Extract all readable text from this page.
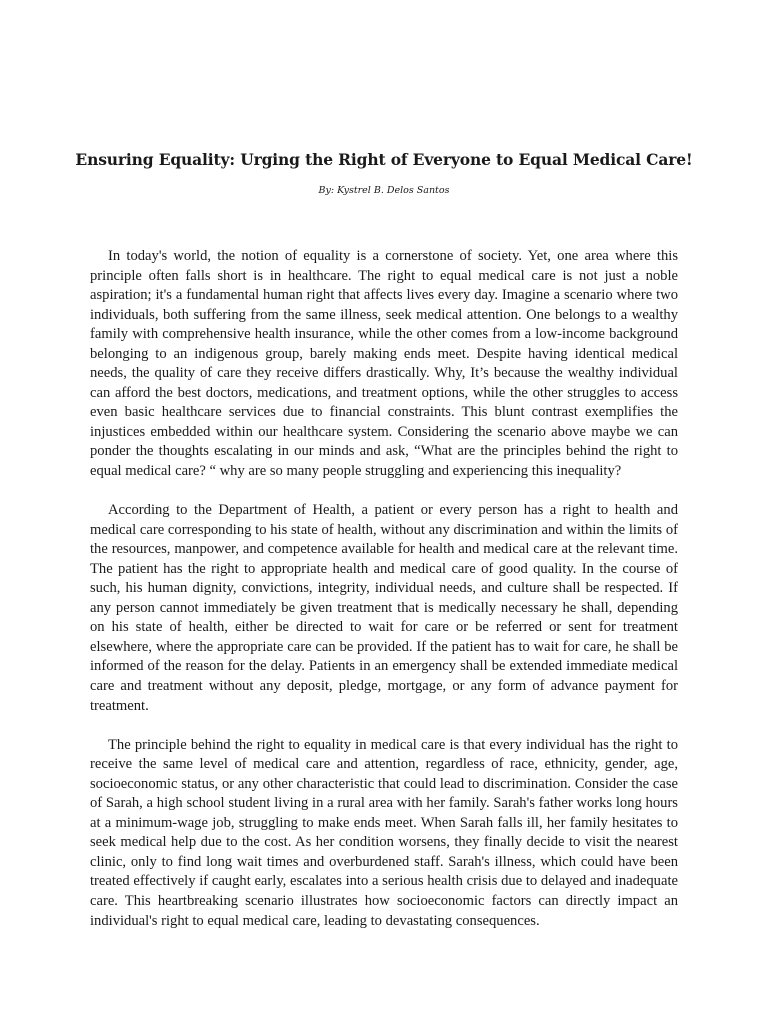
Ensuring Equality: Urging the Right of Everyone to Equal Medical Care!
By: Kystrel B. Delos Santos

In today's world, the notion of equality is a cornerstone of society. Yet, one area where this principle often falls short is in healthcare. The right to equal medical care is not just a noble aspiration; it's a fundamental human right that affects lives every day. Imagine a scenario where two individuals, both suffering from the same illness, seek medical attention. One belongs to a wealthy family with comprehensive health insurance, while the other comes from a low-income background belonging to an indigenous group, barely making ends meet. Despite having identical medical needs, the quality of care they receive differs drastically. Why, It’s because the wealthy individual can afford the best doctors, medications, and treatment options, while the other struggles to access even basic healthcare services due to financial constraints. This blunt contrast exemplifies the injustices embedded within our healthcare system. Considering the scenario above maybe we can ponder the thoughts escalating in our minds and ask, “What are the principles behind the right to equal medical care? “ why are so many people struggling and experiencing this inequality?

According to the Department of Health, a patient or every person has a right to health and medical care corresponding to his state of health, without any discrimination and within the limits of the resources, manpower, and competence available for health and medical care at the relevant time. The patient has the right to appropriate health and medical care of good quality. In the course of such, his human dignity, convictions, integrity, individual needs, and culture shall be respected. If any person cannot immediately be given treatment that is medically necessary he shall, depending on his state of health, either be directed to wait for care or be referred or sent for treatment elsewhere, where the appropriate care can be provided. If the patient has to wait for care, he shall be informed of the reason for the delay. Patients in an emergency shall be extended immediate medical care and treatment without any deposit, pledge, mortgage, or any form of advance payment for treatment.

The principle behind the right to equality in medical care is that every individual has the right to receive the same level of medical care and attention, regardless of race, ethnicity, gender, age, socioeconomic status, or any other characteristic that could lead to discrimination. Consider the case of Sarah, a high school student living in a rural area with her family. Sarah's father works long hours at a minimum-wage job, struggling to make ends meet. When Sarah falls ill, her family hesitates to seek medical help due to the cost. As her condition worsens, they finally decide to visit the nearest clinic, only to find long wait times and overburdened staff. Sarah's illness, which could have been treated effectively if caught early, escalates into a serious health crisis due to delayed and inadequate care. This heartbreaking scenario illustrates how socioeconomic factors can directly impact an individual's right to equal medical care, leading to devastating consequences.
